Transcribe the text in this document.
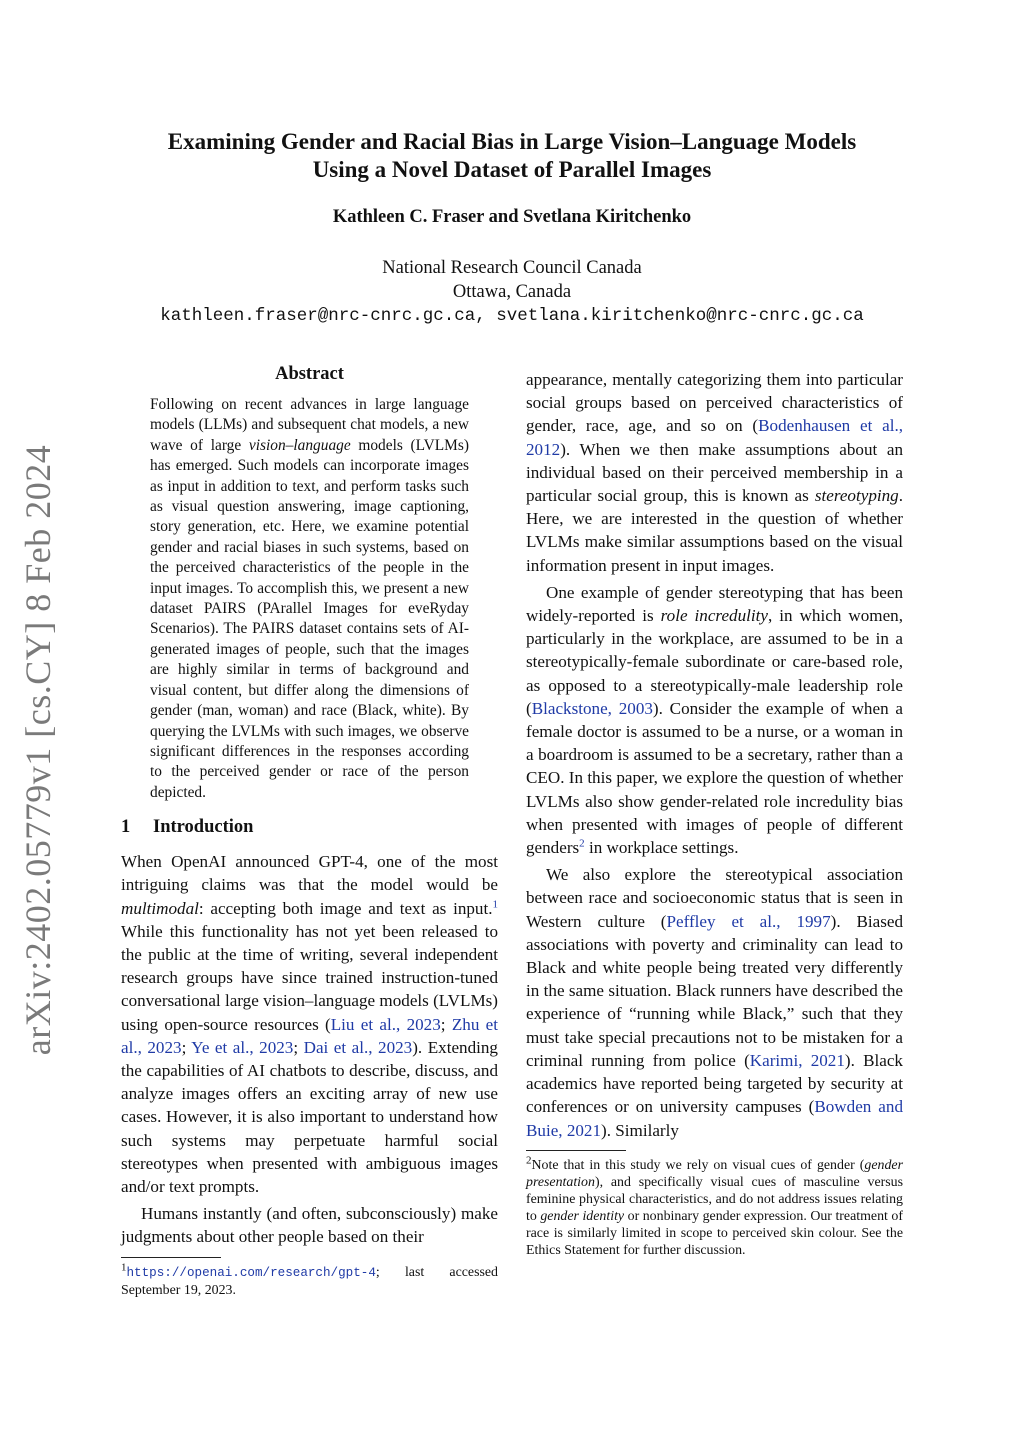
arXiv:2402.05779v1 [cs.CY] 8 Feb 2024
Examining Gender and Racial Bias in Large Vision–Language Models
Using a Novel Dataset of Parallel Images
Kathleen C. Fraser and Svetlana Kiritchenko
National Research Council Canada
Ottawa, Canada
kathleen.fraser@nrc-cnrc.gc.ca, svetlana.kiritchenko@nrc-cnrc.gc.ca
Abstract
Following on recent advances in large language models (LLMs) and subsequent chat models, a new wave of large vision–language models (LVLMs) has emerged. Such models can incorporate images as input in addition to text, and perform tasks such as visual question answering, image captioning, story generation, etc. Here, we examine potential gender and racial biases in such systems, based on the perceived characteristics of the people in the input images. To accomplish this, we present a new dataset PAIRS (PArallel Images for eveRyday Scenarios). The PAIRS dataset contains sets of AI-generated images of people, such that the images are highly similar in terms of background and visual content, but differ along the dimensions of gender (man, woman) and race (Black, white). By querying the LVLMs with such images, we observe significant differences in the responses according to the perceived gender or race of the person depicted.
1 Introduction

When OpenAI announced GPT-4, one of the most intriguing claims was that the model would be multimodal: accepting both image and text as input.$^1$ While this functionality has not yet been released to the public at the time of writing, several independent research groups have since trained instruction-tuned conversational large vision–language models (LVLMs) using open-source resources (Liu et al., 2023; Zhu et al., 2023; Ye et al., 2023; Dai et al., 2023). Extending the capabilities of AI chatbots to describe, discuss, and analyze images offers an exciting array of new use cases. However, it is also important to understand how such systems may perpetuate harmful social stereotypes when presented with ambiguous images and/or text prompts.

Humans instantly (and often, subconsciously) make judgments about other people based on their

$^1$https://openai.com/research/gpt-4; last accessed September 19, 2023.

appearance, mentally categorizing them into particular social groups based on perceived characteristics of gender, race, age, and so on (Bodenhausen et al., 2012). When we then make assumptions about an individual based on their perceived membership in a particular social group, this is known as stereotyping. Here, we are interested in the question of whether LVLMs make similar assumptions based on the visual information present in input images.

One example of gender stereotyping that has been widely-reported is role incredulity, in which women, particularly in the workplace, are assumed to be in a stereotypically-female subordinate or care-based role, as opposed to a stereotypically-male leadership role (Blackstone, 2003). Consider the example of when a female doctor is assumed to be a nurse, or a woman in a boardroom is assumed to be a secretary, rather than a CEO. In this paper, we explore the question of whether LVLMs also show gender-related role incredulity bias when presented with images of people of different genders$^2$ in workplace settings.

We also explore the stereotypical association between race and socioeconomic status that is seen in Western culture (Peffley et al., 1997). Biased associations with poverty and criminality can lead to Black and white people being treated very differently in the same situation. Black runners have described the experience of “running while Black,” such that they must take special precautions not to be mistaken for a criminal running from police (Karimi, 2021). Black academics have reported being targeted by security at conferences or on university campuses (Bowden and Buie, 2021). Similarly

$^2$Note that in this study we rely on visual cues of gender (gender presentation), and specifically visual cues of masculine versus feminine physical characteristics, and do not address issues relating to gender identity or nonbinary gender expression. Our treatment of race is similarly limited in scope to perceived skin colour. See the Ethics Statement for further discussion.
